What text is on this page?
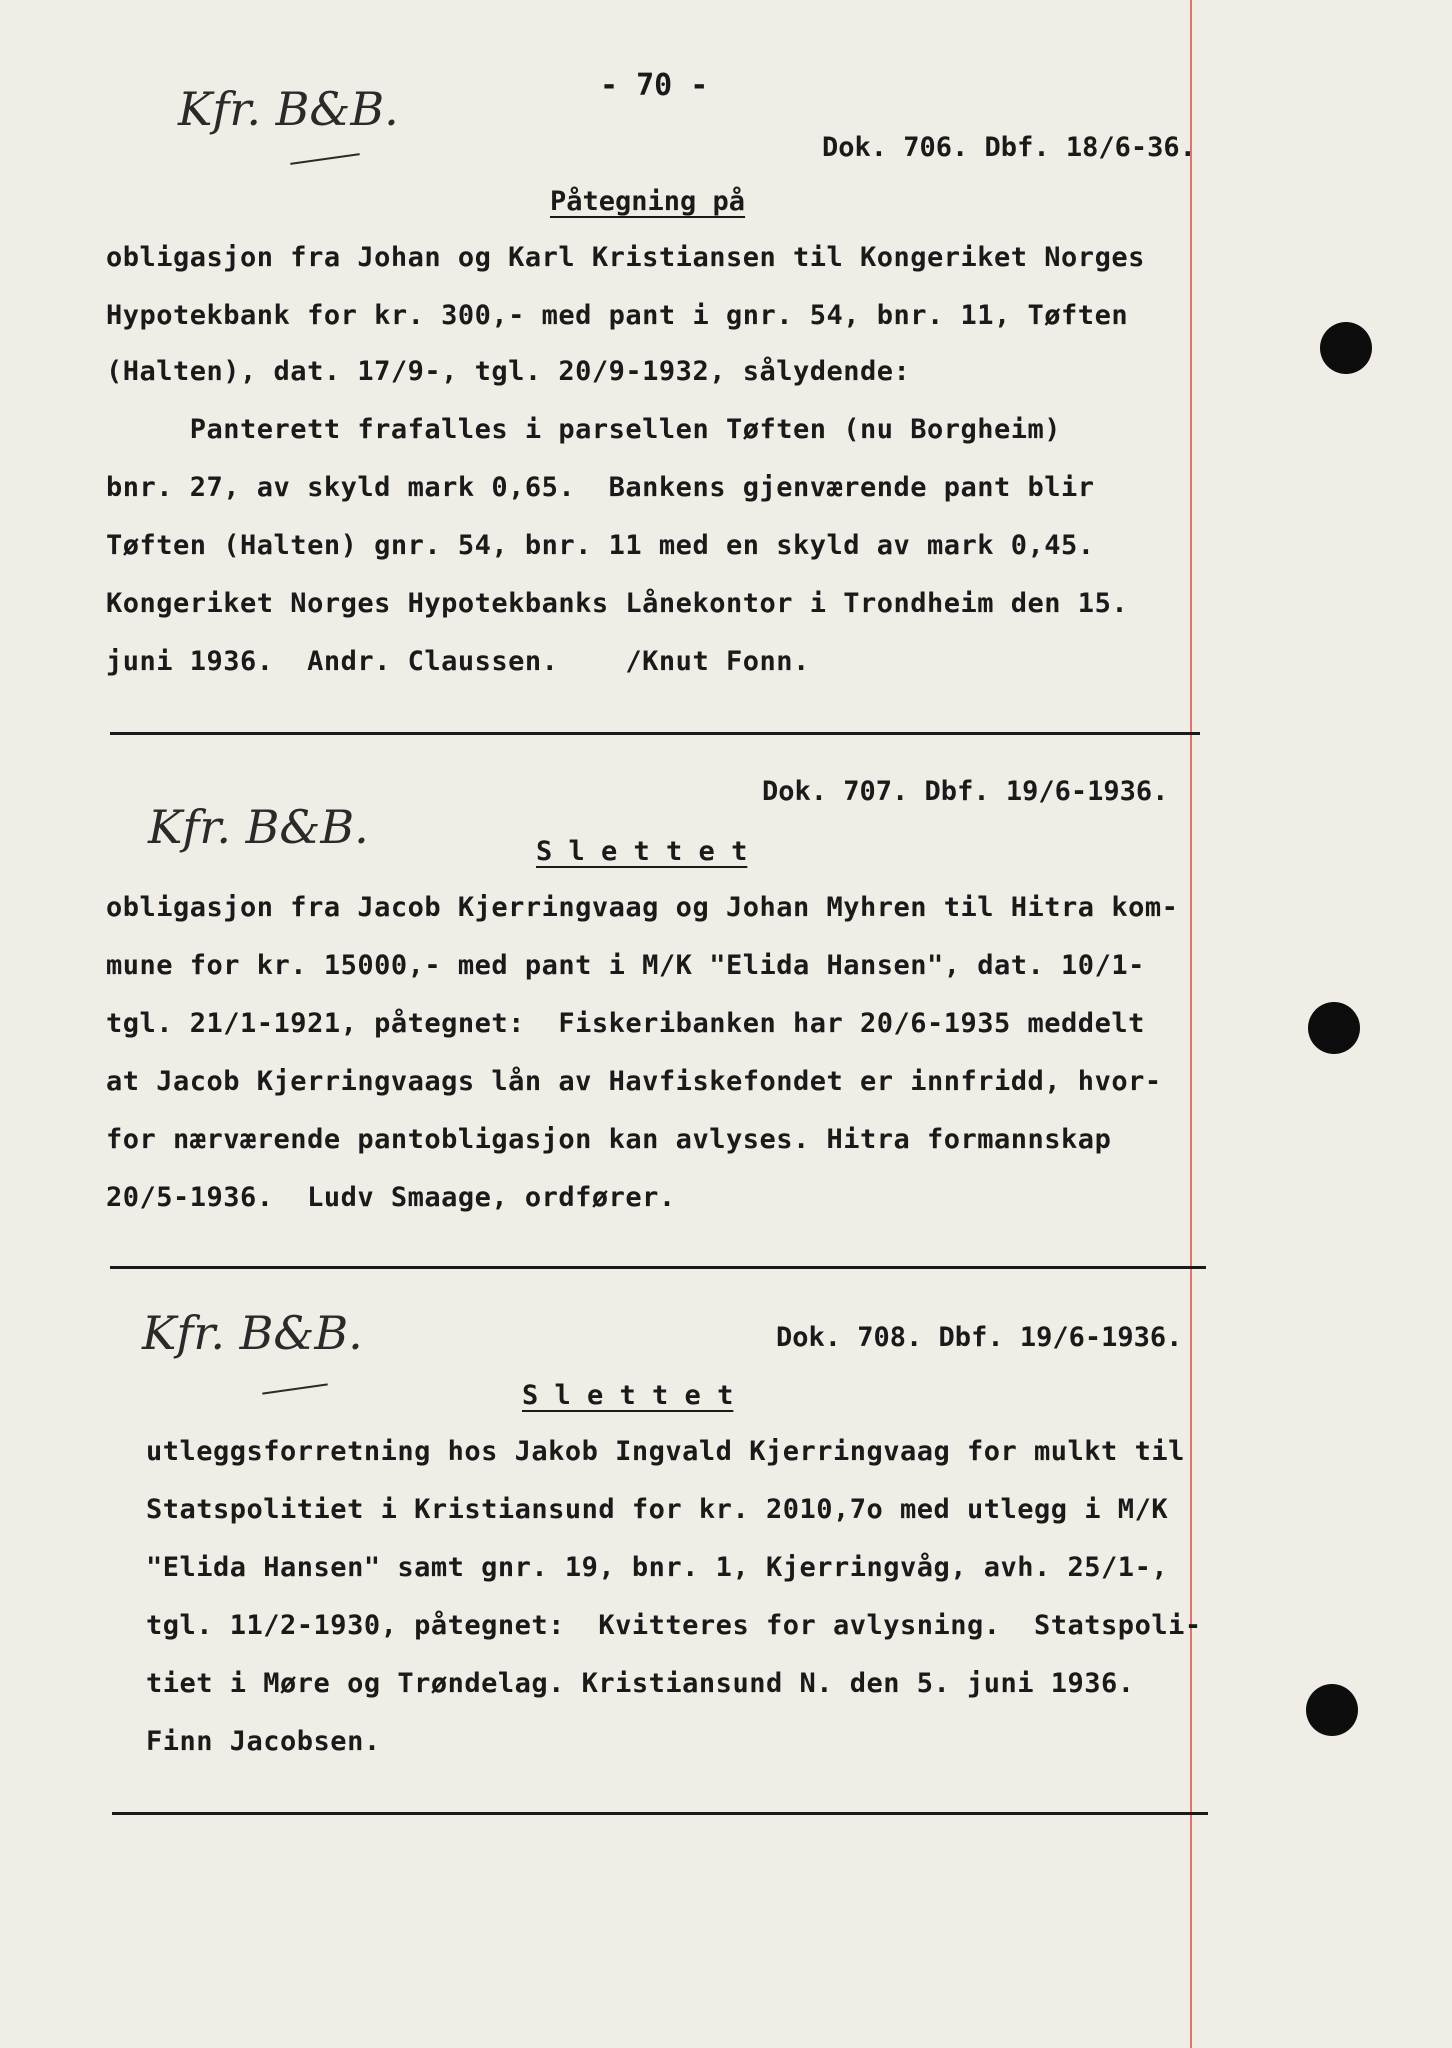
- 70 -
Kfr. B&B.
Dok. 706. Dbf. 18/6-36.
Påtegning på
obligasjon fra Johan og Karl Kristiansen til Kongeriket Norges
Hypotekbank for kr. 300,- med pant i gnr. 54, bnr. 11, Tøften
(Halten), dat. 17/9-, tgl. 20/9-1932, sålydende:
Panterett frafalles i parsellen Tøften (nu Borgheim)
bnr. 27, av skyld mark 0,65.  Bankens gjenværende pant blir
Tøften (Halten) gnr. 54, bnr. 11 med en skyld av mark 0,45.
Kongeriket Norges Hypotekbanks Lånekontor i Trondheim den 15.
juni 1936.  Andr. Claussen.    /Knut Fonn.
Dok. 707. Dbf. 19/6-1936.
Kfr. B&B.	S l e t t e t
obligasjon fra Jacob Kjerringvaag og Johan Myhren til Hitra kom-
mune for kr. 15000,- med pant i M/K "Elida Hansen", dat. 10/1-
tgl. 21/1-1921, påtegnet:  Fiskeribanken har 20/6-1935 meddelt
at Jacob Kjerringvaags lån av Havfiskefondet er innfridd, hvor-
for nærværende pantobligasjon kan avlyses. Hitra formannskap
20/5-1936.  Ludv Smaage, ordfører.
Kfr. B&B.	Dok. 708. Dbf. 19/6-1936.
S l e t t e t
utleggsforretning hos Jakob Ingvald Kjerringvaag for mulkt til
Statspolitiet i Kristiansund for kr. 2010,7o med utlegg i M/K
"Elida Hansen" samt gnr. 19, bnr. 1, Kjerringvåg, avh. 25/1-,
tgl. 11/2-1930, påtegnet:  Kvitteres for avlysning.  Statspoli-
tiet i Møre og Trøndelag. Kristiansund N. den 5. juni 1936.
Finn Jacobsen.
